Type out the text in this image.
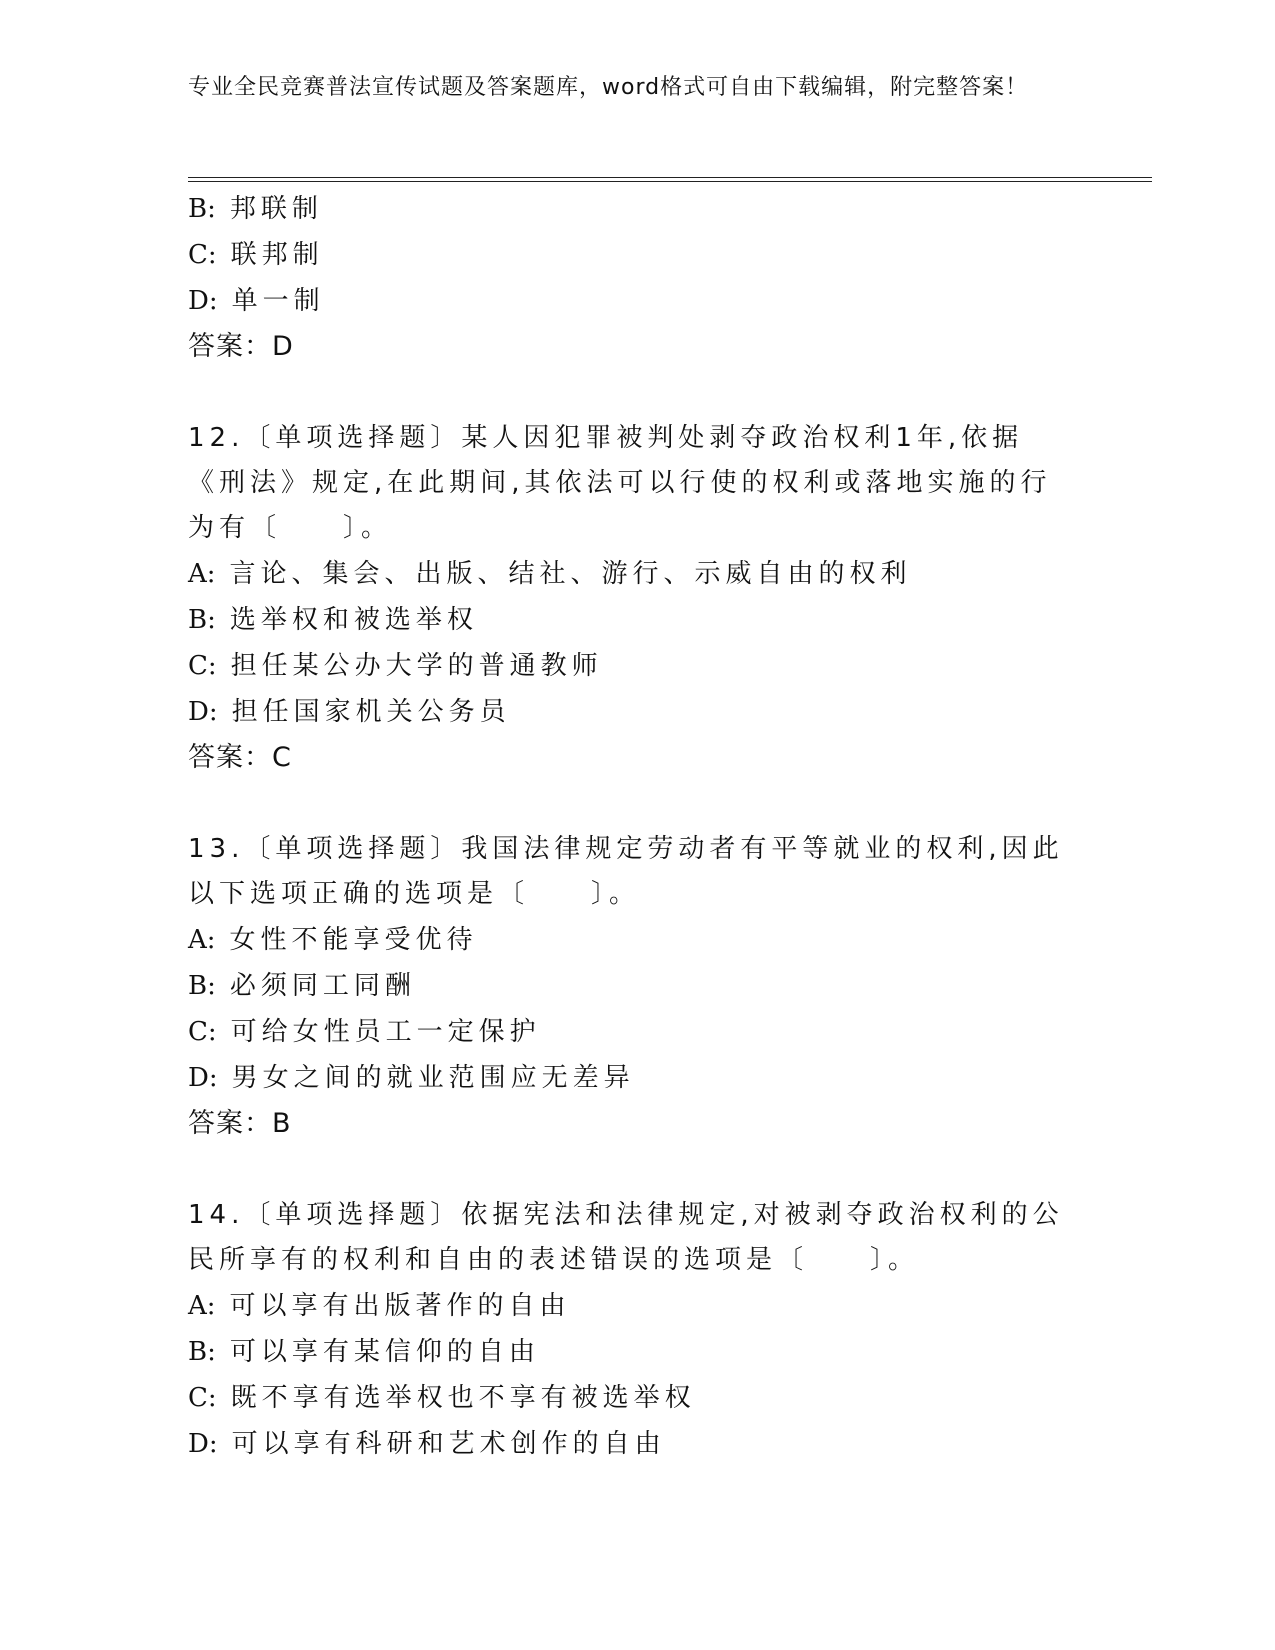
专业全民竞赛普法宣传试题及答案题库，word格式可自由下载编辑，附完整答案！
B: 邦联制
C: 联邦制
D: 单一制
答案：D
12.〔单项选择题〕某人因犯罪被判处剥夺政治权利1年,依据《刑法》规定,在此期间,其依法可以行使的权利或落地实施的行为有〔　　〕。
A: 言论、集会、出版、结社、游行、示威自由的权利
B: 选举权和被选举权
C: 担任某公办大学的普通教师
D: 担任国家机关公务员
答案：C
13.〔单项选择题〕我国法律规定劳动者有平等就业的权利,因此以下选项正确的选项是〔　　〕。
A: 女性不能享受优待
B: 必须同工同酬
C: 可给女性员工一定保护
D: 男女之间的就业范围应无差异
答案：B
14.〔单项选择题〕依据宪法和法律规定,对被剥夺政治权利的公民所享有的权利和自由的表述错误的选项是〔　　〕。
A: 可以享有出版著作的自由
B: 可以享有某信仰的自由
C: 既不享有选举权也不享有被选举权
D: 可以享有科研和艺术创作的自由
